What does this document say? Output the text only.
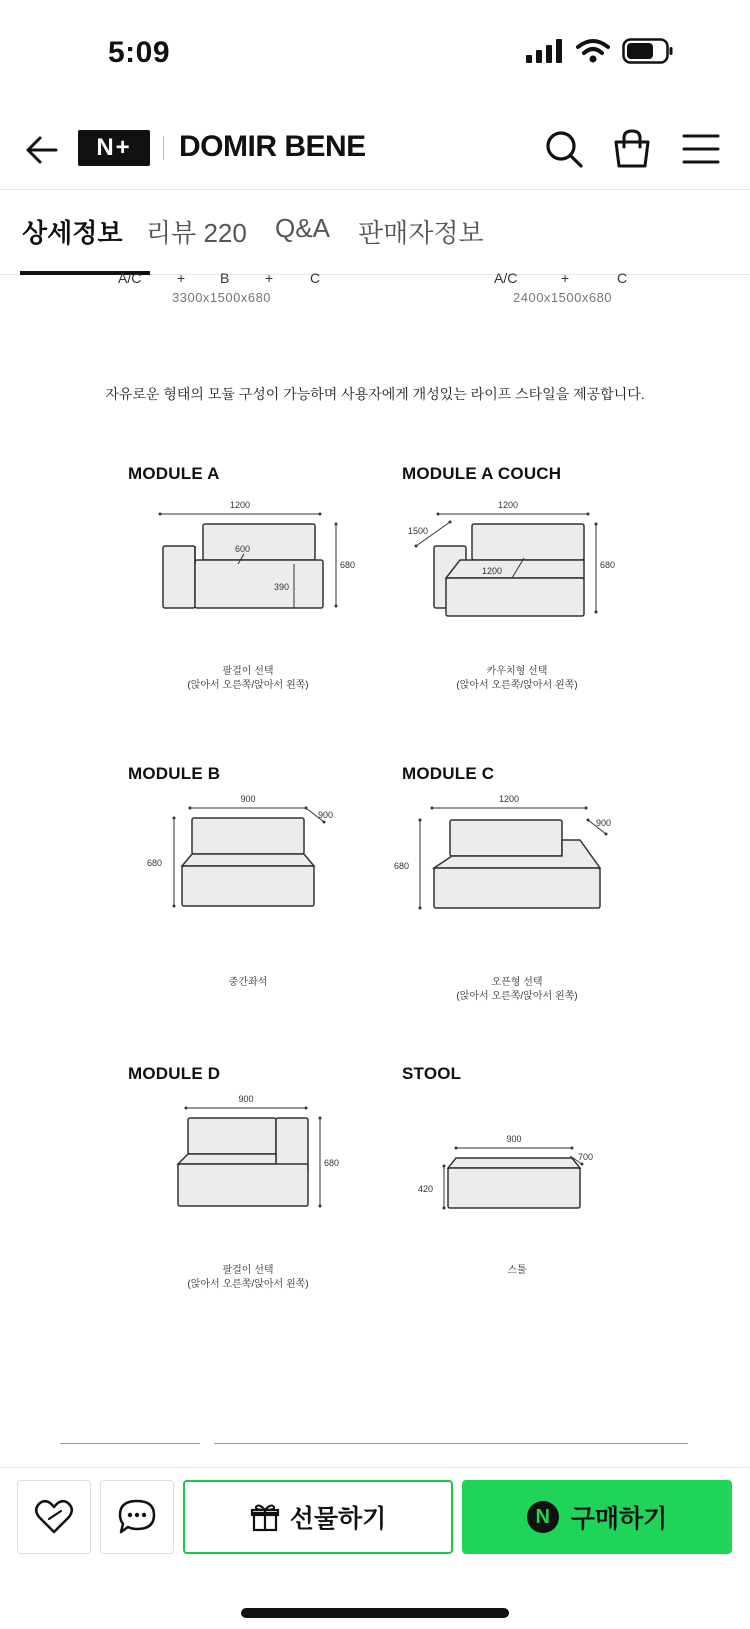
5:09
N+	DOMIR BENE
상세정보 리뷰 220 Q&A 판매자정보
A/C	+ B	+	C
3300x1500x680
A/C	+	C
2400x1500x680
자유로운 형태의 모듈 구성이 가능하며 사용자에게 개성있는 라이프 스타일을 제공합니다.
MODULE A
1200
600
390
680
팔걸이 선택
(앉아서 오른쪽/앉아서 왼쪽)
MODULE A COUCH
1200
1500
1200
680
카우치형 선택
(앉아서 오른쪽/앉아서 왼쪽)
MODULE B
900
900
680
중간좌석
MODULE C
1200
900
680
오픈형 선택
(앉아서 오른쪽/앉아서 왼쪽)
MODULE D
900
680
팔걸이 선택
(앉아서 오른쪽/앉아서 왼쪽)
STOOL
900
700
420
스툴
선물하기	N 구매하기
